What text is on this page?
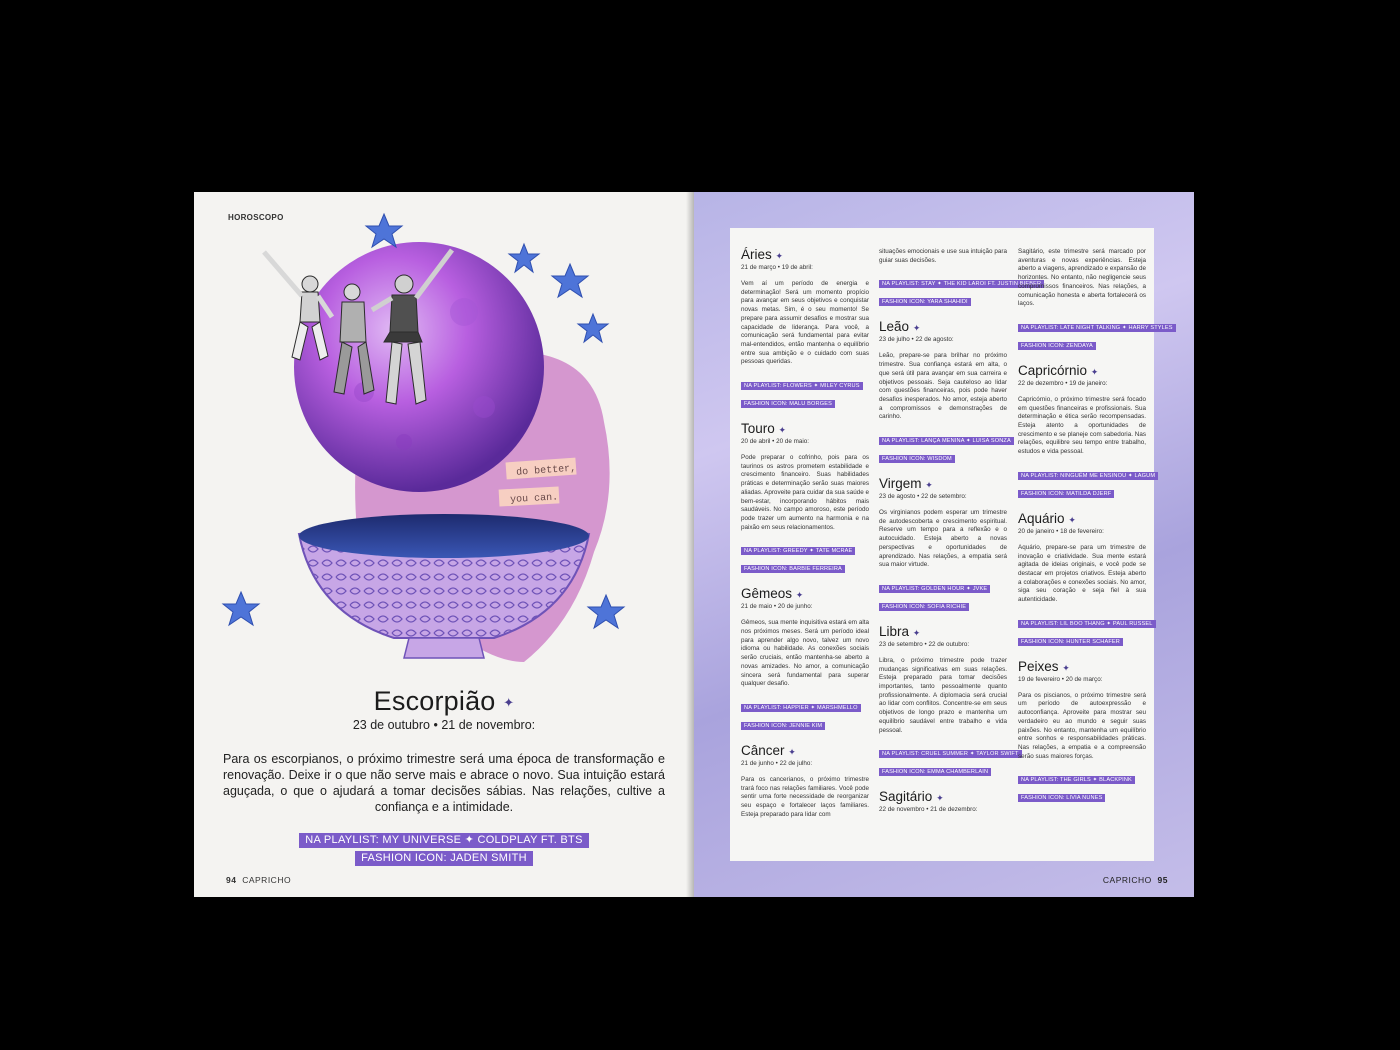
HOROSCOPO
do better,
you can.
Escorpião ✦
23 de outubro • 21 de novembro:

Para os escorpianos, o próximo trimestre será uma época de transformação e renovação. Deixe ir o que não serve mais e abrace o novo. Sua intuição estará aguçada, o que o ajudará a tomar decisões sábias. Nas relações, cultive a confiança e a intimidade.

NA PLAYLIST: MY UNIVERSE ✦ COLDPLAY FT. BTS
FASHION ICON: JADEN SMITH
94 CAPRICHO
Áries ✦
21 de março • 19 de abril:

Vem aí um período de energia e determinação! Será um momento propício para avançar em seus objetivos e conquistar novas metas. Sim, é o seu momento! Se prepare para assumir desafios e mostrar sua capacidade de liderança. Para você, a comunicação será fundamental para evitar mal-entendidos, então mantenha o equilíbrio entre sua ambição e o cuidado com suas pessoas queridas.

NA PLAYLIST: FLOWERS ✦ MILEY CYRUS
FASHION ICON: MALU BORGES
Touro ✦
20 de abril • 20 de maio:

Pode preparar o cofrinho, pois para os taurinos os astros prometem estabilidade e crescimento financeiro. Suas habilidades práticas e determinação serão suas maiores aliadas. Aproveite para cuidar da sua saúde e bem-estar, incorporando hábitos mais saudáveis. No campo amoroso, este período pode trazer um aumento na harmonia e na paixão em seus relacionamentos.

NA PLAYLIST: GREEDY ✦ TATE MCRAE
FASHION ICON: BARBIE FERREIRA
Gêmeos ✦
21 de maio • 20 de junho:

Gêmeos, sua mente inquisitiva estará em alta nos próximos meses. Será um período ideal para aprender algo novo, talvez um novo idioma ou habilidade. As conexões sociais serão cruciais, então mantenha-se aberto a novas amizades. No amor, a comunicação sincera será fundamental para superar qualquer desafio.

NA PLAYLIST: HAPPIER ✦ MARSHMELLO
FASHION ICON: JENNIE KIM
Câncer ✦
21 de junho • 22 de julho:

Para os cancerianos, o próximo trimestre trará foco nas relações familiares. Você pode sentir uma forte necessidade de reorganizar seu espaço e fortalecer laços familiares. Esteja preparado para lidar com

situações emocionais e use sua intuição para guiar suas decisões.

NA PLAYLIST: STAY ✦ THE KID LAROI FT. JUSTIN BIEBER
FASHION ICON: YARA SHAHIDI
Leão ✦
23 de julho • 22 de agosto:

Leão, prepare-se para brilhar no próximo trimestre. Sua confiança estará em alta, o que será útil para avançar em sua carreira e objetivos pessoais. Seja cauteloso ao lidar com questões financeiras, pois pode haver desafios inesperados. No amor, esteja aberto a compromissos e demonstrações de carinho.

NA PLAYLIST: LANÇA MENINA ✦ LUISA SONZA
FASHION ICON: WISDOM
Virgem ✦
23 de agosto • 22 de setembro:

Os virginianos podem esperar um trimestre de autodescoberta e crescimento espiritual. Reserve um tempo para a reflexão e o autocuidado. Esteja aberto a novas perspectivas e oportunidades de aprendizado. Nas relações, a empatia será sua maior virtude.

NA PLAYLIST: GOLDEN HOUR ✦ JVKE
FASHION ICON: SOFIA RICHIE
Libra ✦
23 de setembro • 22 de outubro:

Libra, o próximo trimestre pode trazer mudanças significativas em suas relações. Esteja preparado para tomar decisões importantes, tanto pessoalmente quanto profissionalmente. A diplomacia será crucial ao lidar com conflitos. Concentre-se em seus objetivos de longo prazo e mantenha um equilíbrio saudável entre trabalho e vida pessoal.

NA PLAYLIST: CRUEL SUMMER ✦ TAYLOR SWIFT
FASHION ICON: EMMA CHAMBERLAIN
Sagitário ✦
22 de novembro • 21 de dezembro:

Sagitário, este trimestre será marcado por aventuras e novas experiências. Esteja aberto a viagens, aprendizado e expansão de horizontes. No entanto, não negligencie seus compromissos financeiros. Nas relações, a comunicação honesta e aberta fortalecerá os laços.

NA PLAYLIST: LATE NIGHT TALKING ✦ HARRY STYLES
FASHION ICON: ZENDAYA
Capricórnio ✦
22 de dezembro • 19 de janeiro:

Capricórnio, o próximo trimestre será focado em questões financeiras e profissionais. Sua determinação e ética serão recompensadas. Esteja atento a oportunidades de crescimento e se planeje com sabedoria. Nas relações, equilibre seu tempo entre trabalho, estudos e vida pessoal.

NA PLAYLIST: NINGUÉM ME ENSINOU ✦ LAGUM
FASHION ICON: MATILDA DJERF
Aquário ✦
20 de janeiro • 18 de fevereiro:

Aquário, prepare-se para um trimestre de inovação e criatividade. Sua mente estará agitada de ideias originais, e você pode se destacar em projetos criativos. Esteja aberto a colaborações e conexões sociais. No amor, siga seu coração e seja fiel à sua autenticidade.

NA PLAYLIST: LIL BOO THANG ✦ PAUL RUSSEL
FASHION ICON: HUNTER SCHAFER
Peixes ✦
19 de fevereiro • 20 de março:

Para os piscianos, o próximo trimestre será um período de autoexpressão e autoconfiança. Aproveite para mostrar seu verdadeiro eu ao mundo e seguir suas paixões. No entanto, mantenha um equilíbrio entre sonhos e responsabilidades práticas. Nas relações, a empatia e a compreensão serão suas maiores forças.

NA PLAYLIST: THE GIRLS ✦ BLACKPINK
FASHION ICON: LIVIA NUNES
CAPRICHO 95
